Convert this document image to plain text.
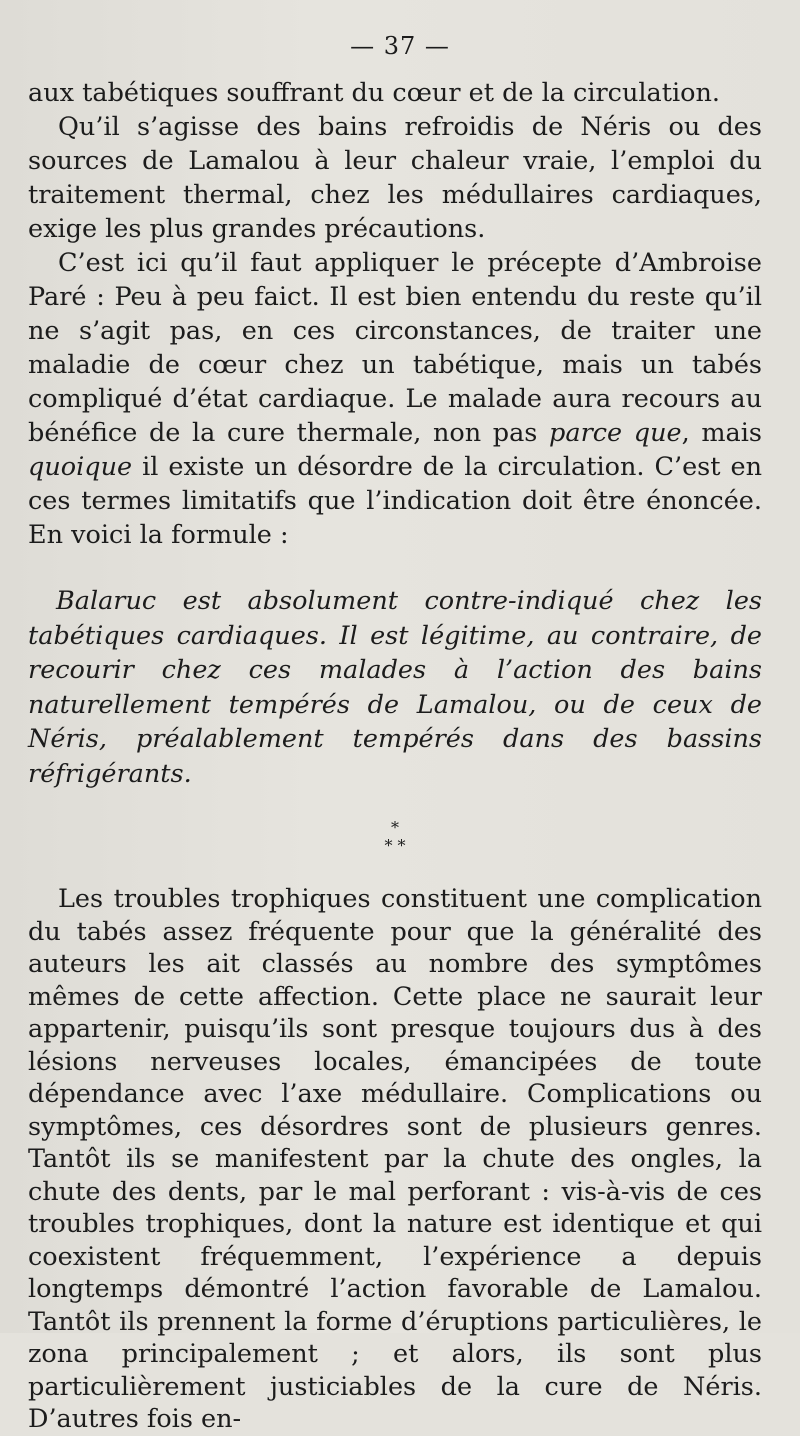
— 37 —

aux tabétiques souffrant du cœur et de la circulation.

Qu’il s’agisse des bains refroidis de Néris ou des sources de Lamalou à leur chaleur vraie, l’emploi du traitement thermal, chez les médullaires cardiaques, exige les plus grandes précautions.

C’est ici qu’il faut appliquer le précepte d’Ambroise Paré : Peu à peu faict. Il est bien entendu du reste qu’il ne s’agit pas, en ces circonstances, de traiter une maladie de cœur chez un tabétique, mais un tabés compliqué d’état cardiaque. Le malade aura recours au bénéfice de la cure thermale, non pas parce que, mais quoique il existe un désordre de la circulation. C’est en ces termes limitatifs que l’indication doit être énoncée. En voici la formule :

Balaruc est absolument contre-indiqué chez les tabétiques cardiaques. Il est légitime, au contraire, de recourir chez ces malades à l’action des bains naturellement tempérés de Lamalou, ou de ceux de Néris, préalablement tempérés dans des bassins réfrigérants.

*
* *

Les troubles trophiques constituent une complication du tabés assez fréquente pour que la généralité des auteurs les ait classés au nombre des symptômes mêmes de cette affection. Cette place ne saurait leur appartenir, puisqu’ils sont presque toujours dus à des lésions nerveuses locales, émancipées de toute dépendance avec l’axe médullaire. Complications ou symptômes, ces désordres sont de plusieurs genres. Tantôt ils se manifestent par la chute des ongles, la chute des dents, par le mal perforant : vis-à-vis de ces troubles trophiques, dont la nature est identique et qui coexistent fréquemment, l’expérience a depuis longtemps démontré l’action favorable de Lamalou. Tantôt ils prennent la forme d’éruptions particulières, le zona principalement ; et alors, ils sont plus particulièrement justiciables de la cure de Néris. D’autres fois en-
